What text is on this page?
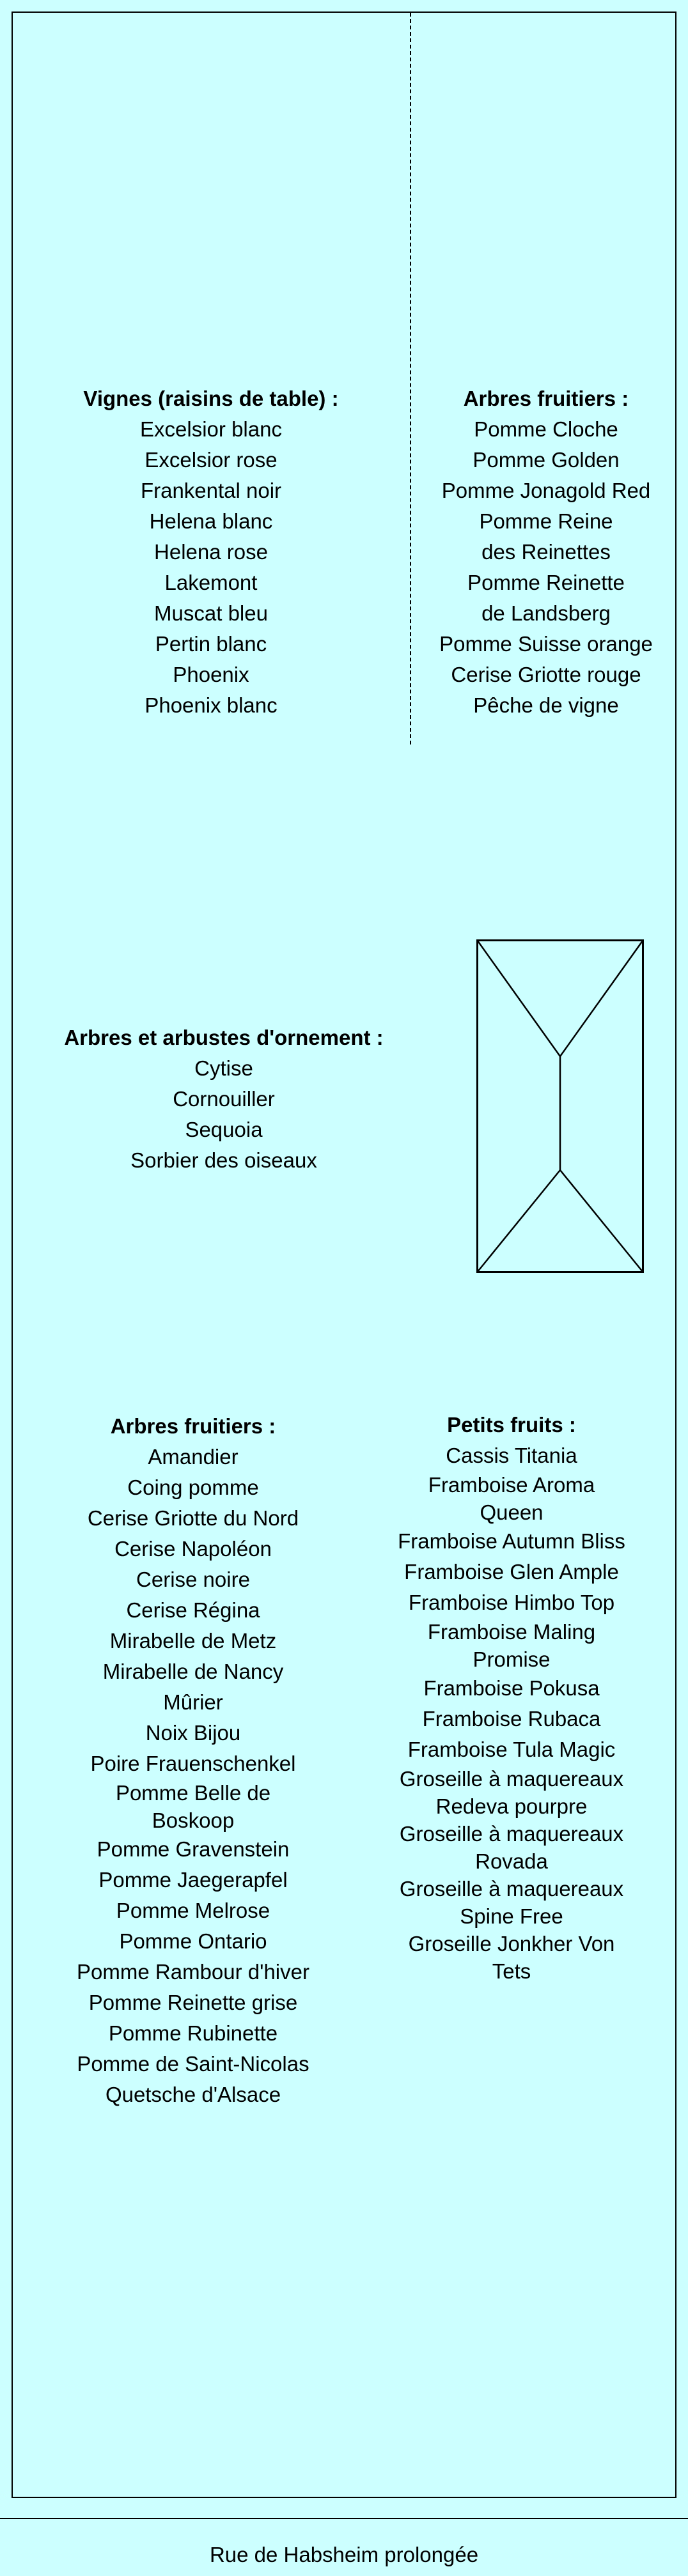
Vignes (raisins de table) :
Excelsior blanc
Excelsior rose
Frankental noir
Helena blanc
Helena rose
Lakemont
Muscat bleu
Pertin blanc
Phoenix
Phoenix blanc
Arbres fruitiers :
Pomme Cloche
Pomme Golden
Pomme Jonagold Red
Pomme Reine
des Reinettes
Pomme Reinette
de Landsberg
Pomme Suisse orange
Cerise Griotte rouge
Pêche de vigne
Arbres et arbustes d'ornement :
Cytise
Cornouiller
Sequoia
Sorbier des oiseaux
Arbres fruitiers :
Amandier
Coing pomme
Cerise Griotte du Nord
Cerise Napoléon
Cerise noire
Cerise Régina
Mirabelle de Metz
Mirabelle de Nancy
Mûrier
Noix Bijou
Poire Frauenschenkel
Pomme Belle de
Boskoop
Pomme Gravenstein
Pomme Jaegerapfel
Pomme Melrose
Pomme Ontario
Pomme Rambour d'hiver
Pomme Reinette grise
Pomme Rubinette
Pomme de Saint-Nicolas
Quetsche d'Alsace
Petits fruits :
Cassis Titania
Framboise Aroma
Queen
Framboise Autumn Bliss
Framboise Glen Ample
Framboise Himbo Top
Framboise Maling
Promise
Framboise Pokusa
Framboise Rubaca
Framboise Tula Magic
Groseille à maquereaux
Redeva pourpre
Groseille à maquereaux
Rovada
Groseille à maquereaux
Spine Free
Groseille Jonkher Von
Tets
Rue de Habsheim prolongée
